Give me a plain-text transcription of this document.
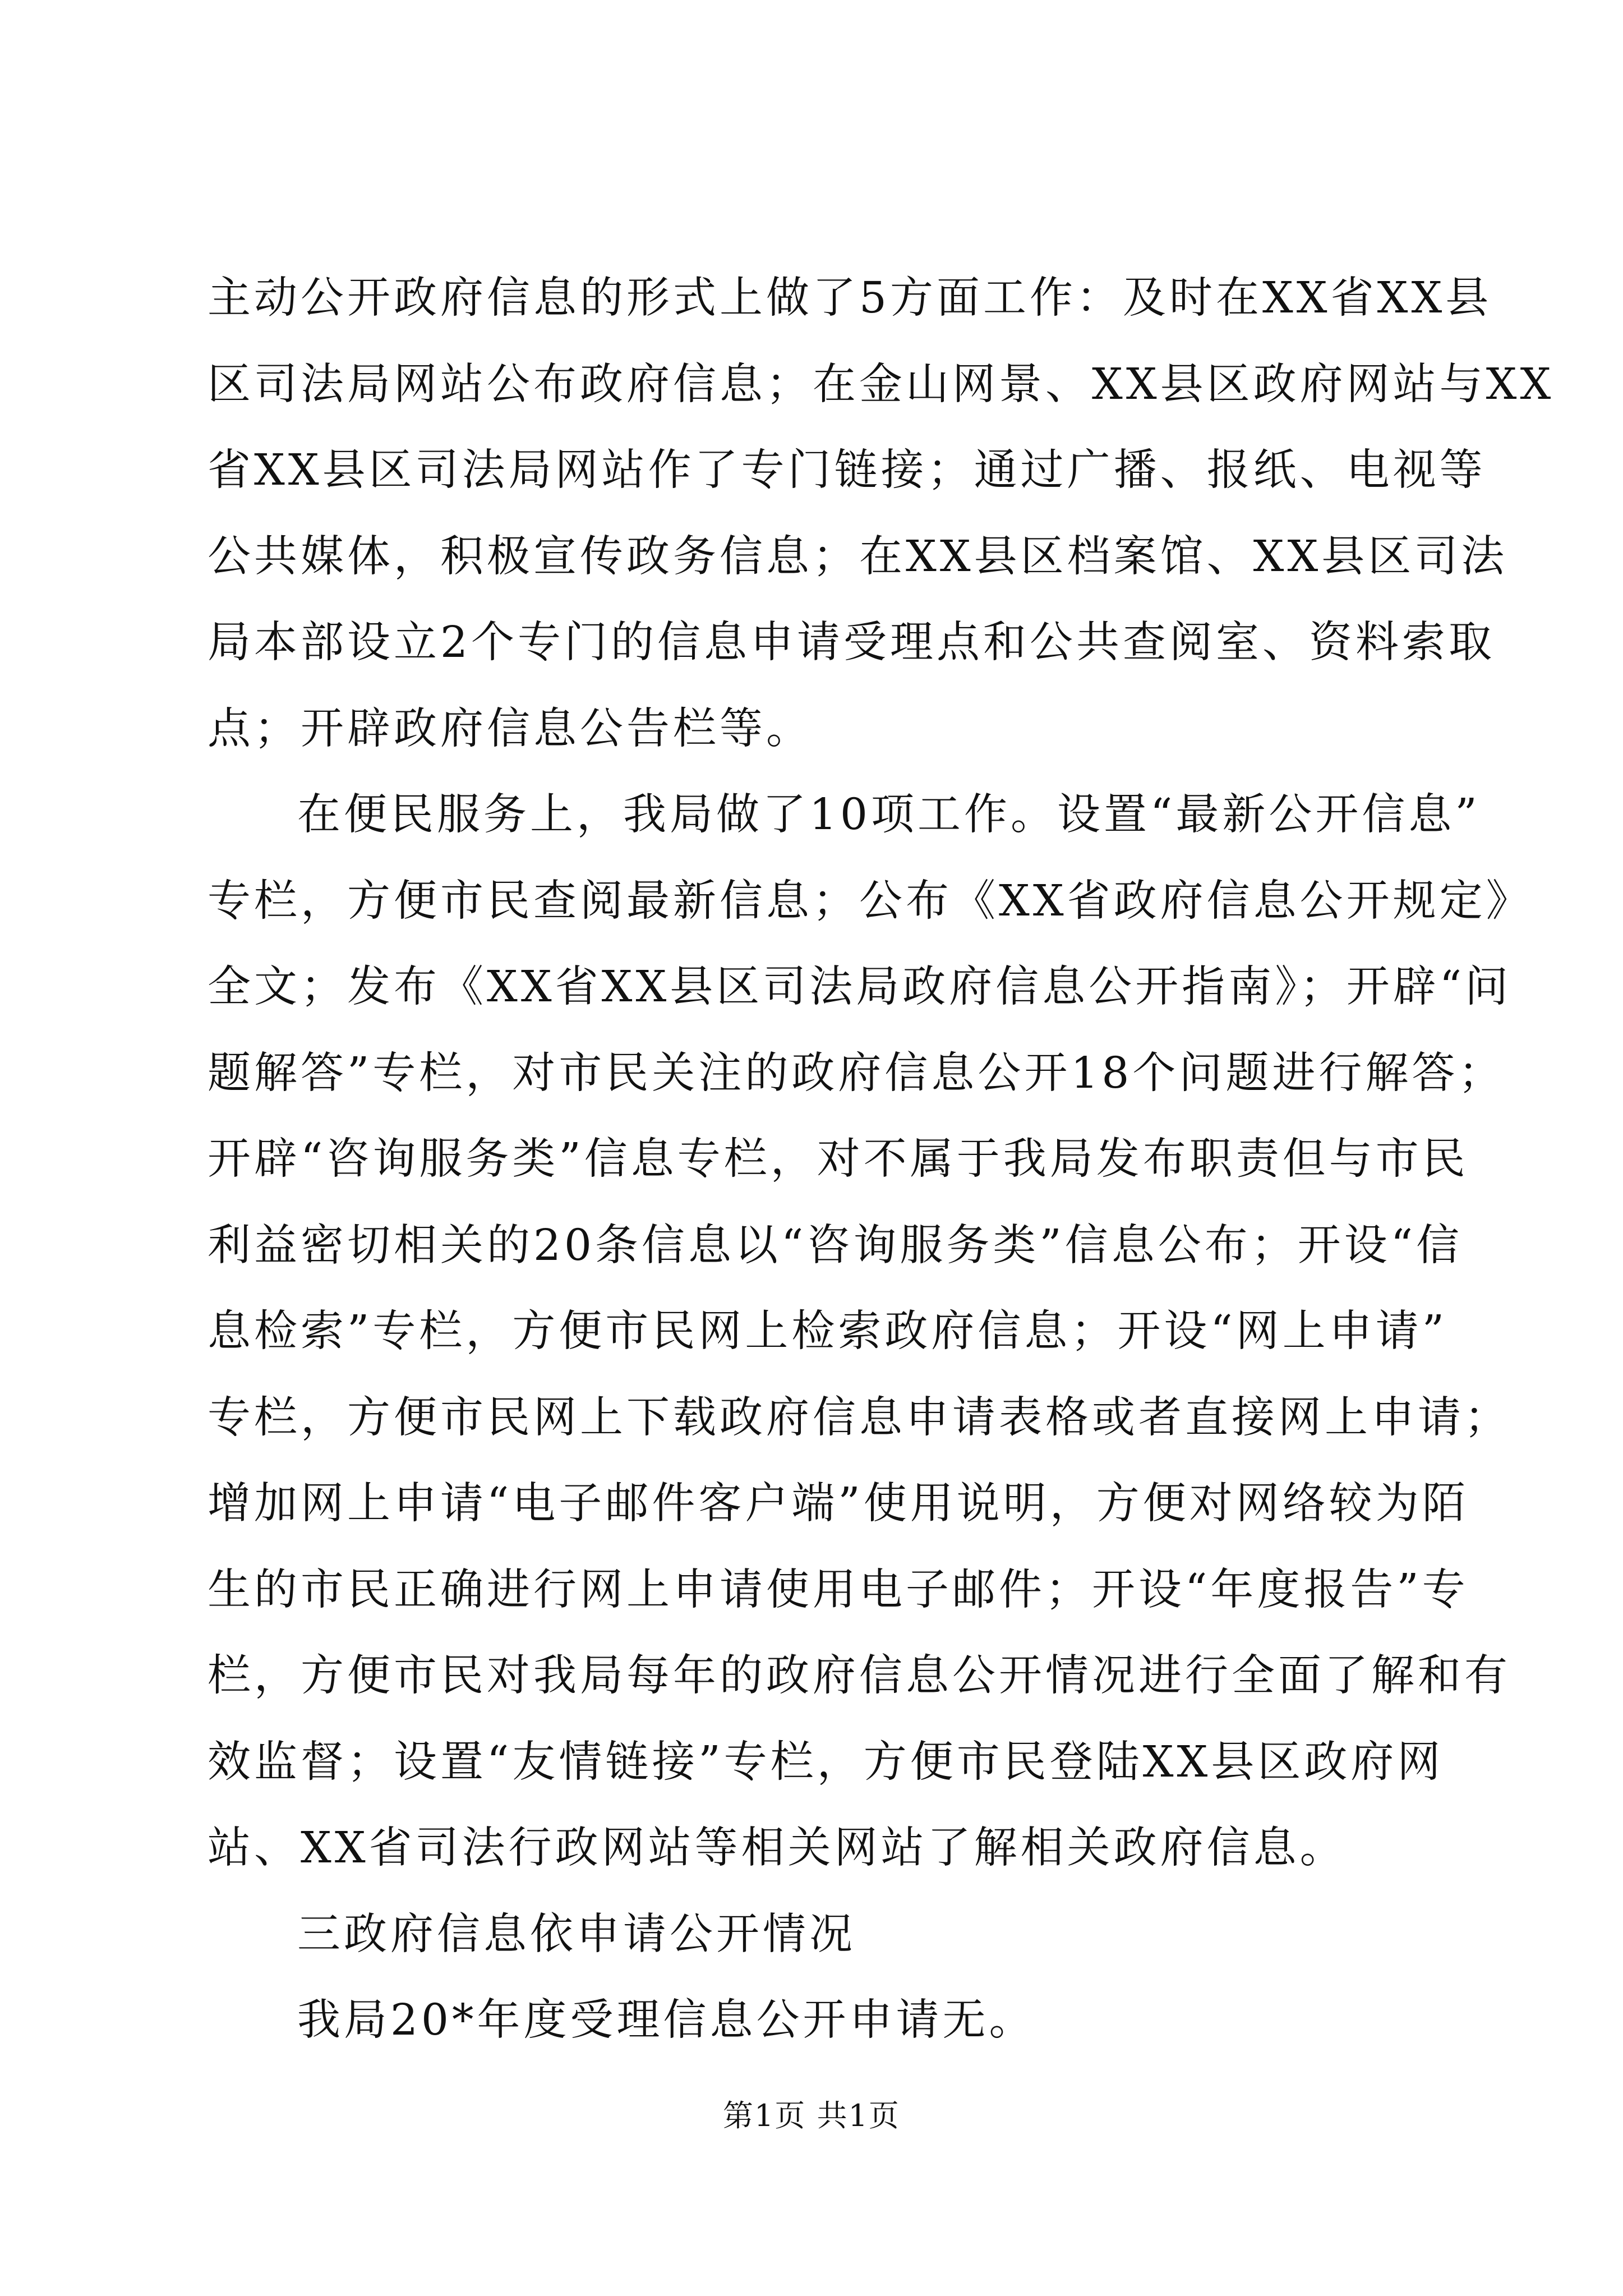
主动公开政府信息的形式上做了5方面工作：及时在XX省XX县
区司法局网站公布政府信息；在金山网景、XX县区政府网站与XX
省XX县区司法局网站作了专门链接；通过广播、报纸、电视等
公共媒体，积极宣传政务信息；在XX县区档案馆、XX县区司法
局本部设立2个专门的信息申请受理点和公共查阅室、资料索取
点；开辟政府信息公告栏等。
在便民服务上，我局做了10项工作。设置“最新公开信息”
专栏，方便市民查阅最新信息；公布《XX省政府信息公开规定》
全文；发布《XX省XX县区司法局政府信息公开指南》；开辟“问
题解答”专栏，对市民关注的政府信息公开18个问题进行解答；
开辟“咨询服务类”信息专栏，对不属于我局发布职责但与市民
利益密切相关的20条信息以“咨询服务类”信息公布；开设“信
息检索”专栏，方便市民网上检索政府信息；开设“网上申请”
专栏，方便市民网上下载政府信息申请表格或者直接网上申请；
增加网上申请“电子邮件客户端”使用说明，方便对网络较为陌
生的市民正确进行网上申请使用电子邮件；开设“年度报告”专
栏，方便市民对我局每年的政府信息公开情况进行全面了解和有
效监督；设置“友情链接”专栏，方便市民登陆XX县区政府网
站、XX省司法行政网站等相关网站了解相关政府信息。
三政府信息依申请公开情况
我局20*年度受理信息公开申请无。
第1页 共1页
